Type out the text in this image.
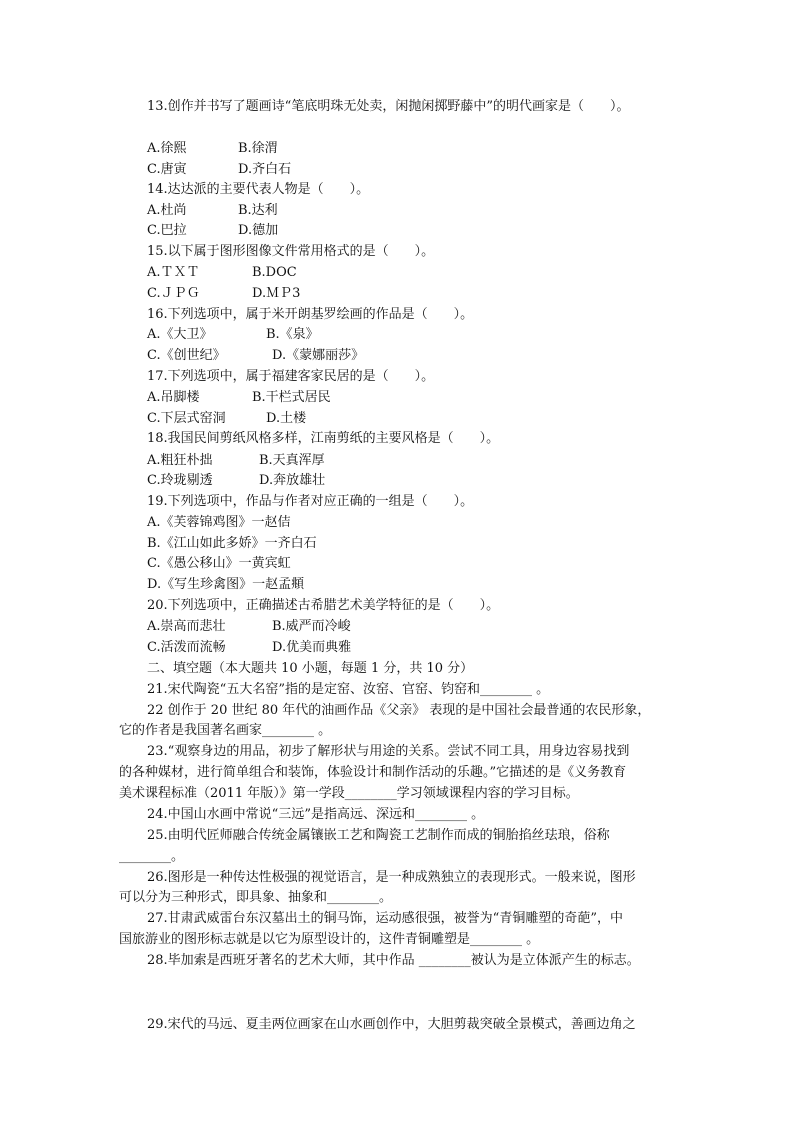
13.创作并书写了题画诗“笔底明珠无处卖，闲抛闲掷野藤中”的明代画家是（　　）。
A.徐熙	B.徐渭
C.唐寅	D.齐白石
14.达达派的主要代表人物是（　　）。
A.杜尚	B.达利
C.巴拉	D.德加
15.以下属于图形图像文件常用格式的是（　　）。
A.ＴＸＴ	B.DOC
C.ＪＰＧ	D.ＭＰ3
16.下列选项中，属于米开朗基罗绘画的作品是（　　）。
A.《大卫》	B.《泉》
C.《创世纪》	D.《蒙娜丽莎》
17.下列选项中，属于福建客家民居的是（　　）。
A.吊脚楼	B.干栏式居民
C.下层式窑洞	D.土楼
18.我国民间剪纸风格多样，江南剪纸的主要风格是（　　）。
A.粗狂朴拙	B.天真浑厚
C.玲珑剔透	D.奔放雄壮
19.下列选项中，作品与作者对应正确的一组是（　　）。
A.《芙蓉锦鸡图》一赵佶
B.《江山如此多娇》一齐白石
C.《愚公移山》一黄宾虹
D.《写生珍禽图》一赵孟頫
20.下列选项中，正确描述古希腊艺术美学特征的是（　　）。
A.崇高而悲壮	B.威严而冷峻
C.活泼而流畅	D.优美而典雅
二、填空题（本大题共 10 小题，每题 1 分，共 10 分）
21.宋代陶瓷“五大名窑”指的是定窑、汝窑、官窑、钧窑和________ 。
22 创作于 20 世纪 80 年代的油画作品《父亲》 表现的是中国社会最普通的农民形象，
它的作者是我国著名画家________ 。
23.“观察身边的用品，初步了解形状与用途的关系。尝试不同工具，用身边容易找到
的各种媒材，进行简单组合和装饰，体验设计和制作活动的乐趣。”它描述的是《义务教育
美术课程标准（2011 年版）》第一学段________学习领域课程内容的学习目标。
24.中国山水画中常说“三远”是指高远、深远和________ 。
25.由明代匠师融合传统金属镶嵌工艺和陶瓷工艺制作而成的铜胎掐丝珐琅，俗称
________。
26.图形是一种传达性极强的视觉语言，是一种成熟独立的表现形式。一般来说，图形
可以分为三种形式，即具象、抽象和________。
27.甘肃武威雷台东汉墓出土的铜马饰，运动感很强，被誉为“青铜雕塑的奇葩”，中
国旅游业的图形标志就是以它为原型设计的，这件青铜雕塑是________ 。
28.毕加索是西班牙著名的艺术大师，其中作品 ________被认为是立体派产生的标志。
29.宋代的马远、夏圭两位画家在山水画创作中，大胆剪裁突破全景模式，善画边角之
